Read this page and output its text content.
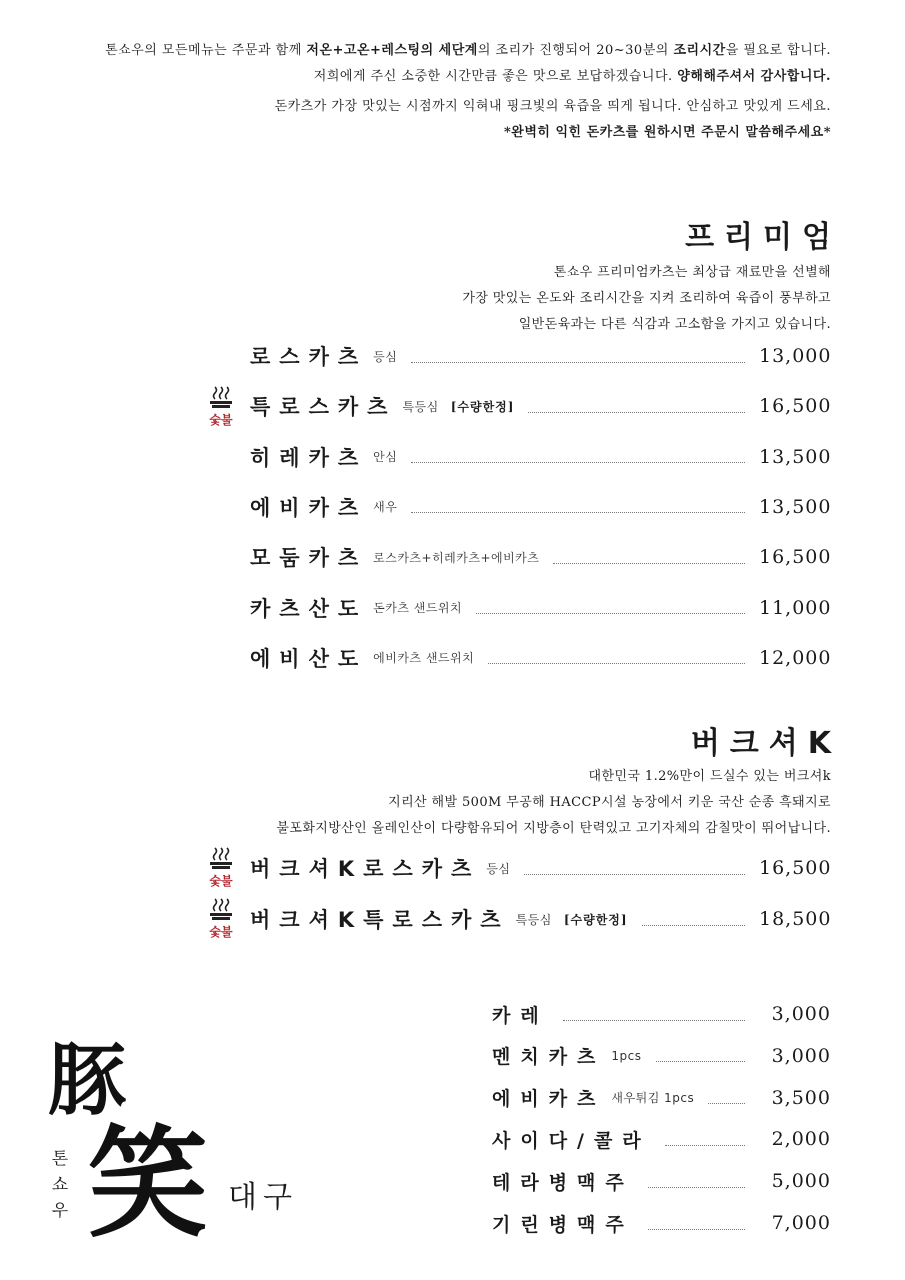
톤쇼우의 모든메뉴는 주문과 함께 저온+고온+레스팅의 세단계의 조리가 진행되어 20~30분의 조리시간을 필요로 합니다.

저희에게 주신 소중한 시간만큼 좋은 맛으로 보답하겠습니다. 양해해주셔서 감사합니다.

돈카츠가 가장 맛있는 시점까지 익혀내 핑크빛의 육즙을 띄게 됩니다. 안심하고 맛있게 드세요.

*완벽히 익힌 돈카츠를 원하시면 주문시 말씀해주세요*

프리미엄

톤쇼우 프리미엄카츠는 최상급 재료만을 선별해

가장 맛있는 온도와 조리시간을 지켜 조리하여 육즙이 풍부하고

일반돈육과는 다른 식감과 고소함을 가지고 있습니다.

로스카츠 등심	13,000
특로스카츠 특등심 [수량한정]	16,500
숯불
히레카츠 안심	13,500
에비카츠 새우	13,500
모둠카츠 로스카츠+히레카츠+에비카츠	16,500
카츠산도 돈카츠 샌드위치	11,000
에비산도 에비카츠 샌드위치	12,000
버크셔K

대한민국 1.2%만이 드실수 있는 버크셔k

지리산 해발 500M 무공해 HACCP시설 농장에서 키운 국산 순종 흑돼지로

불포화지방산인 올레인산이 다량함유되어 지방층이 탄력있고 고기자체의 감칠맛이 뛰어납니다.

버크셔K로스카츠 등심	16,500
숯불
버크셔K특로스카츠 특등심 [수량한정]	18,500
숯불
카레	3,000
멘치카츠 1pcs	3,000
에비카츠 새우튀김 1pcs	3,500
사이다/콜라	2,000
테라병맥주	5,000
기린병맥주	7,000
豚
笑
톤쇼우	대구
